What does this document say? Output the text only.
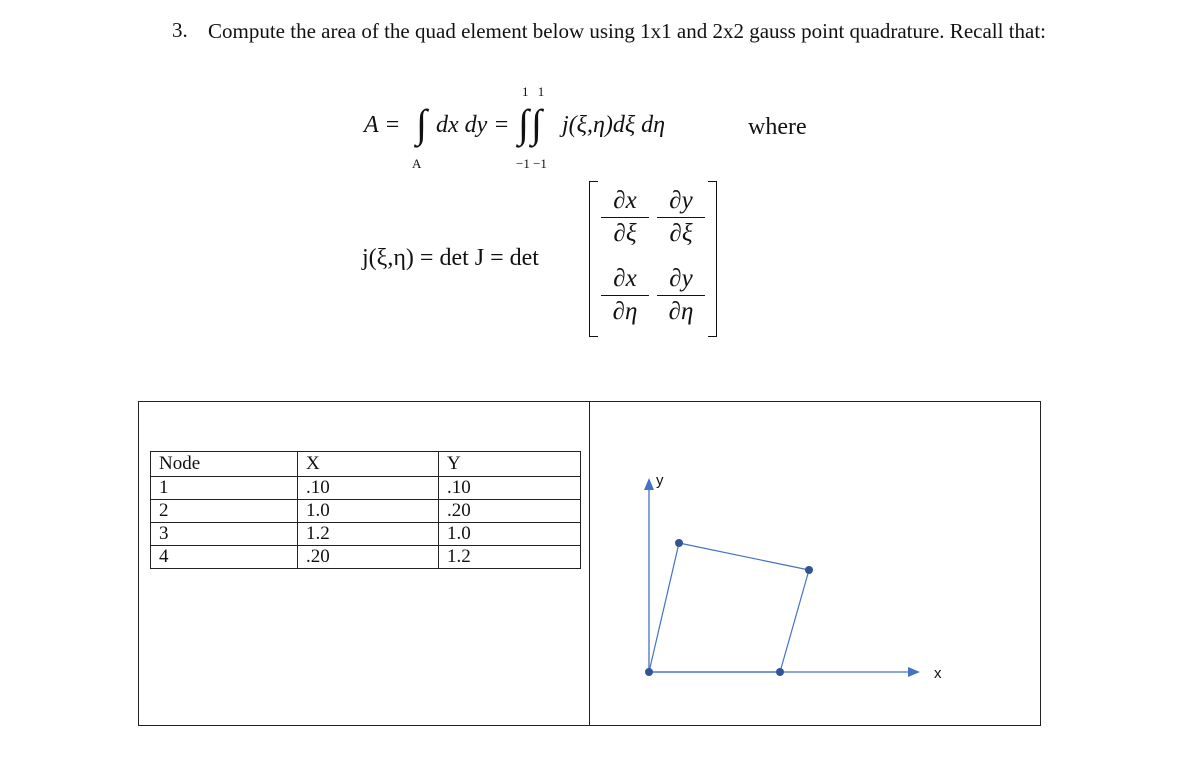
3. Compute the area of the quad element below using 1x1 and 2x2 gauss point quadrature. Recall that:
A = ∫
A
dx dy =
1 1
∫∫
−1 −1
j(ξ,η)dξ dη	where
j(ξ,η) = det J = det
$\frac{\partial x}{\partial\xi} \frac{\partial y}{\partial\xi}$
$\frac{\partial x}{\partial\eta} \frac{\partial y}{\partial\eta}$
Node	X	Y
1	.10	.10
2	1.0	.20
3	1.2	1.0
4	.20	1.2
y
x
